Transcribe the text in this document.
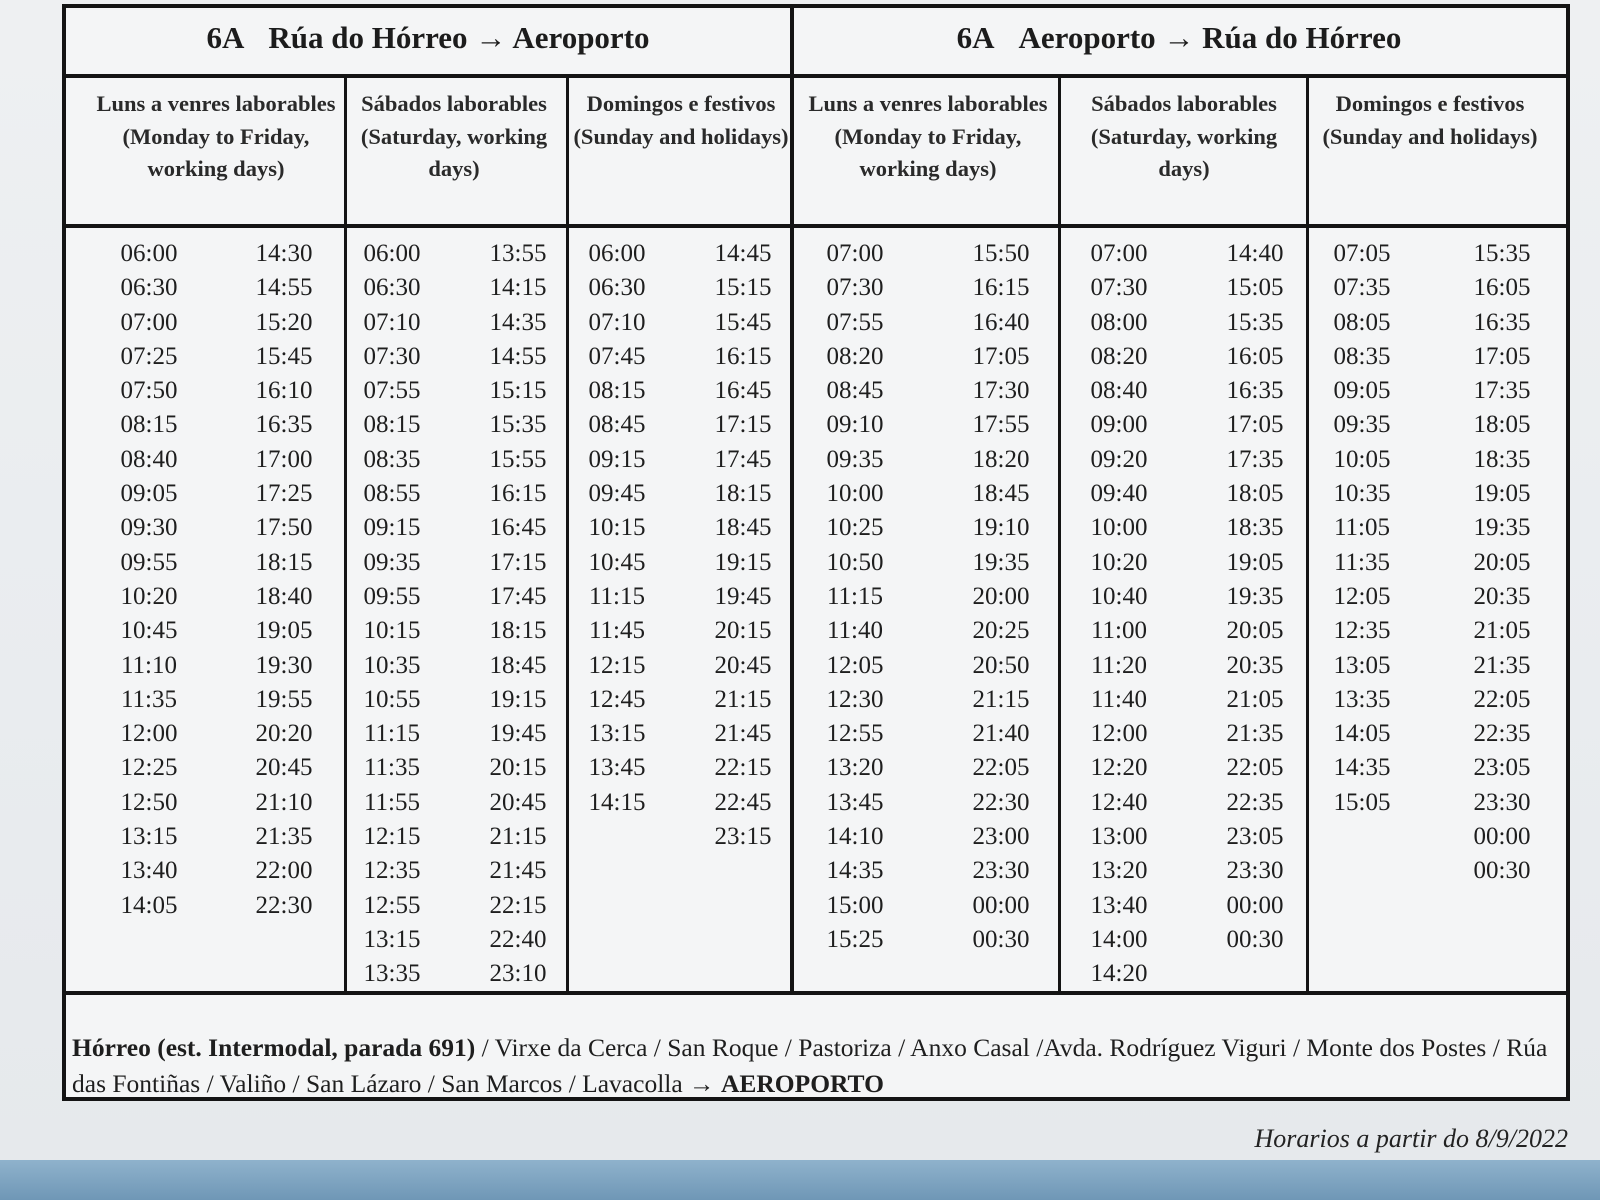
6A Rúa do Hórreo → Aeroporto	6A Aeroporto → Rúa do Hórreo
Luns a venres laborables (Monday to Friday, working days)
Sábados laborables (Saturday, working days)
Domingos e festivos (Sunday and holidays)
Luns a venres laborables (Monday to Friday, working days)
Sábados laborables (Saturday, working days)
Domingos e festivos (Sunday and holidays)
06:00
06:30
07:00
07:25
07:50
08:15
08:40
09:05
09:30
09:55
10:20
10:45
11:10
11:35
12:00
12:25
12:50
13:15
13:40
14:05
14:30
14:55
15:20
15:45
16:10
16:35
17:00
17:25
17:50
18:15
18:40
19:05
19:30
19:55
20:20
20:45
21:10
21:35
22:00
22:30
06:00
06:30
07:10
07:30
07:55
08:15
08:35
08:55
09:15
09:35
09:55
10:15
10:35
10:55
11:15
11:35
11:55
12:15
12:35
12:55
13:15
13:35
13:55
14:15
14:35
14:55
15:15
15:35
15:55
16:15
16:45
17:15
17:45
18:15
18:45
19:15
19:45
20:15
20:45
21:15
21:45
22:15
22:40
23:10
06:00
06:30
07:10
07:45
08:15
08:45
09:15
09:45
10:15
10:45
11:15
11:45
12:15
12:45
13:15
13:45
14:15
14:45
15:15
15:45
16:15
16:45
17:15
17:45
18:15
18:45
19:15
19:45
20:15
20:45
21:15
21:45
22:15
22:45
23:15
07:00
07:30
07:55
08:20
08:45
09:10
09:35
10:00
10:25
10:50
11:15
11:40
12:05
12:30
12:55
13:20
13:45
14:10
14:35
15:00
15:25
15:50
16:15
16:40
17:05
17:30
17:55
18:20
18:45
19:10
19:35
20:00
20:25
20:50
21:15
21:40
22:05
22:30
23:00
23:30
00:00
00:30
07:00
07:30
08:00
08:20
08:40
09:00
09:20
09:40
10:00
10:20
10:40
11:00
11:20
11:40
12:00
12:20
12:40
13:00
13:20
13:40
14:00
14:20
14:40
15:05
15:35
16:05
16:35
17:05
17:35
18:05
18:35
19:05
19:35
20:05
20:35
21:05
21:35
22:05
22:35
23:05
23:30
00:00
00:30
07:05
07:35
08:05
08:35
09:05
09:35
10:05
10:35
11:05
11:35
12:05
12:35
13:05
13:35
14:05
14:35
15:05
15:35
16:05
16:35
17:05
17:35
18:05
18:35
19:05
19:35
20:05
20:35
21:05
21:35
22:05
22:35
23:05
23:30
00:00
00:30
Hórreo (est. Intermodal, parada 691) / Virxe da Cerca / San Roque / Pastoriza / Anxo Casal /Avda. Rodríguez Viguri / Monte dos Postes / Rúa das Fontiñas / Valiño / San Lázaro / San Marcos / Lavacolla → AEROPORTO
Horarios a partir do 8/9/2022
